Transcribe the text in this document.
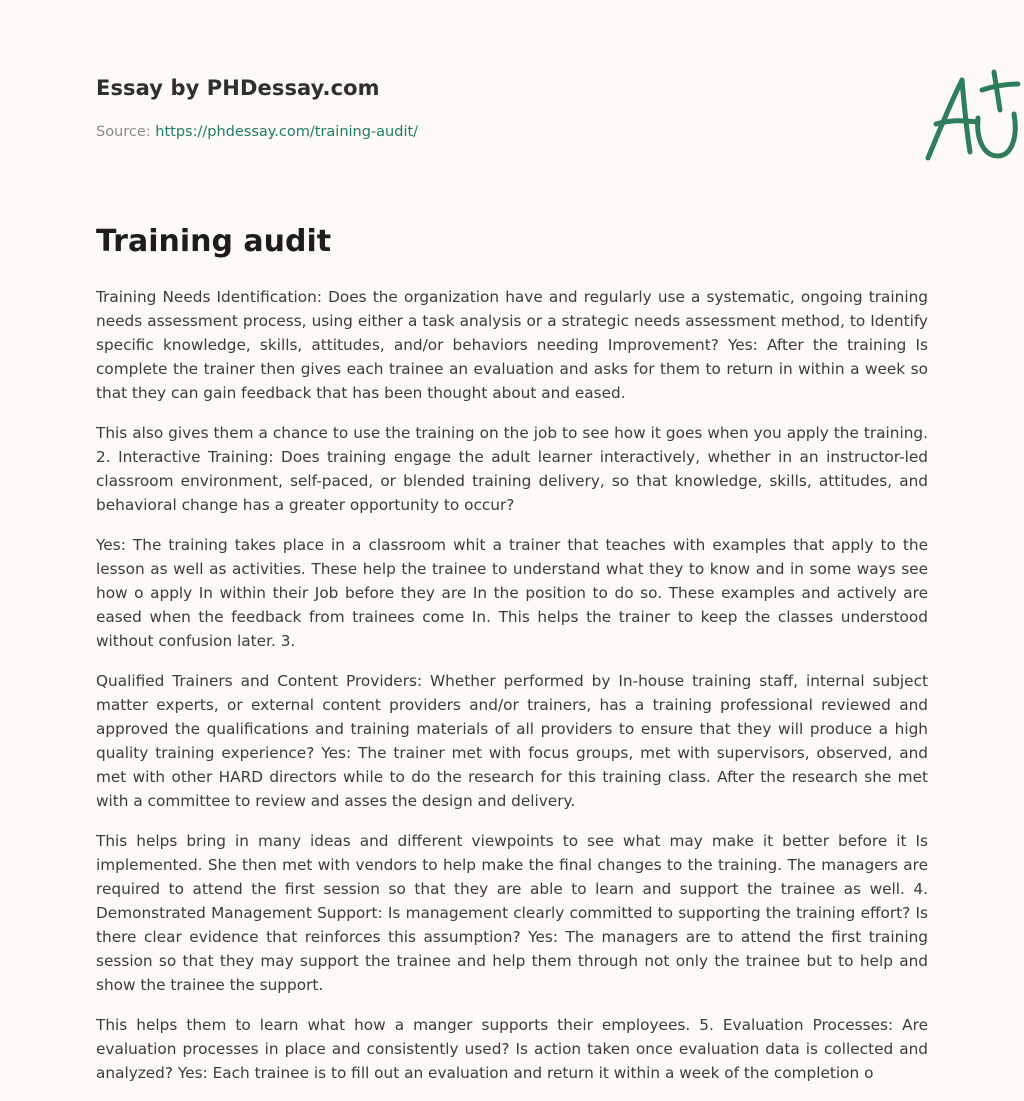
Essay by PHDessay.com
Source: https://phdessay.com/training-audit/
Training audit

Training Needs Identification: Does the organization have and regularly use a systematic, ongoing training needs assessment process, using either a task analysis or a strategic needs assessment method, to Identify specific knowledge, skills, attitudes, and/or behaviors needing Improvement? Yes: After the training Is complete the trainer then gives each trainee an evaluation and asks for them to return in within a week so that they can gain feedback that has been thought about and eased.

This also gives them a chance to use the training on the job to see how it goes when you apply the training. 2. Interactive Training: Does training engage the adult learner interactively, whether in an instructor-led classroom environment, self-paced, or blended training delivery, so that knowledge, skills, attitudes, and behavioral change has a greater opportunity to occur?

Yes: The training takes place in a classroom whit a trainer that teaches with examples that apply to the lesson as well as activities. These help the trainee to understand what they to know and in some ways see how o apply In within their Job before they are In the position to do so. These examples and actively are eased when the feedback from trainees come In. This helps the trainer to keep the classes understood without confusion later. 3.

Qualified Trainers and Content Providers: Whether performed by In-house training staff, internal subject matter experts, or external content providers and/or trainers, has a training professional reviewed and approved the qualifications and training materials of all providers to ensure that they will produce a high quality training experience? Yes: The trainer met with focus groups, met with supervisors, observed, and met with other HARD directors while to do the research for this training class. After the research she met with a committee to review and asses the design and delivery.

This helps bring in many ideas and different viewpoints to see what may make it better before it Is implemented. She then met with vendors to help make the final changes to the training. The managers are required to attend the first session so that they are able to learn and support the trainee as well. 4. Demonstrated Management Support: Is management clearly committed to supporting the training effort? Is there clear evidence that reinforces this assumption? Yes: The managers are to attend the first training session so that they may support the trainee and help them through not only the trainee but to help and show the trainee the support.

This helps them to learn what how a manger supports their employees. 5. Evaluation Processes: Are evaluation processes in place and consistently used? Is action taken once evaluation data is collected and analyzed? Yes: Each trainee is to fill out an evaluation and return it within a week of the completion o
